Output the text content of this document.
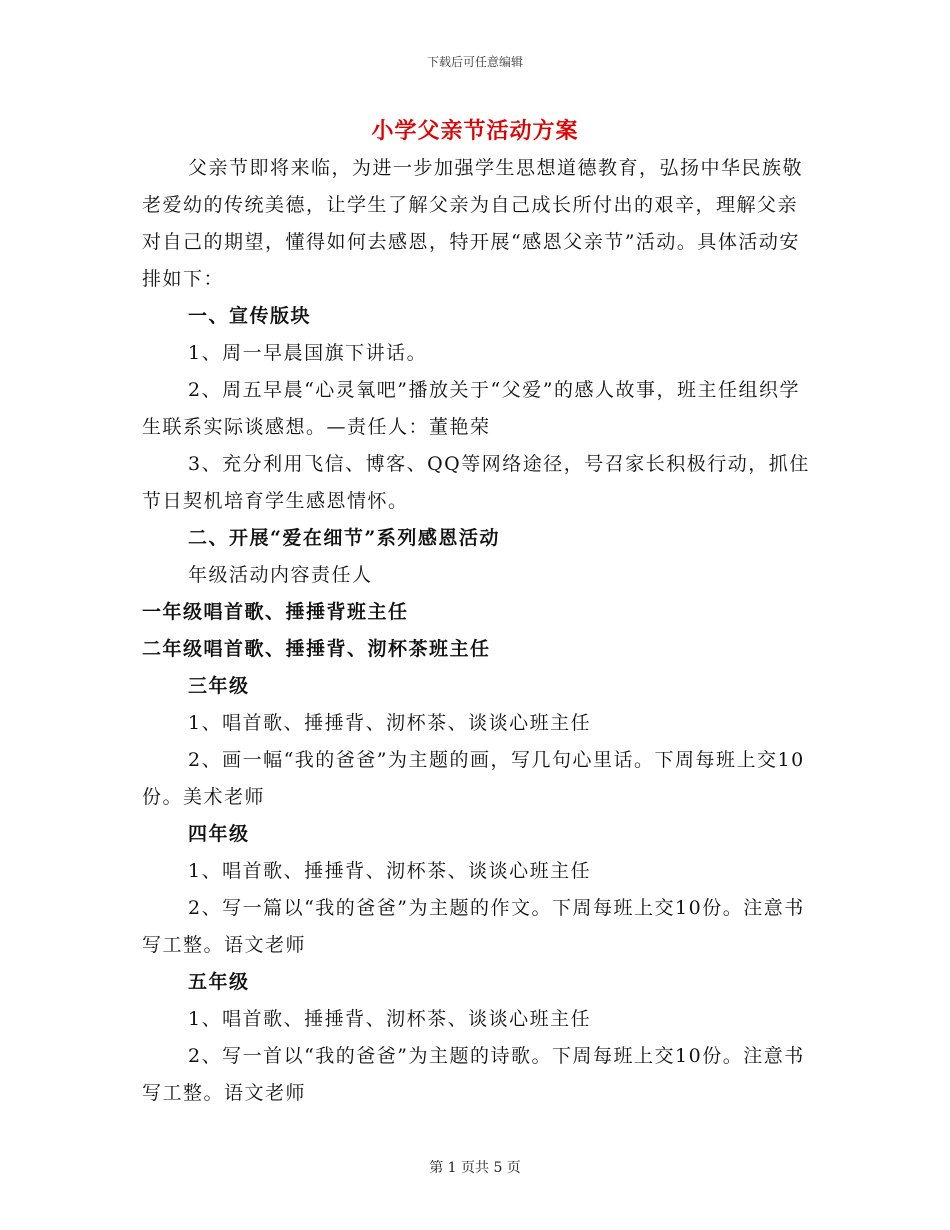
下载后可任意编辑
小学父亲节活动方案

父亲节即将来临，为进一步加强学生思想道德教育，弘扬中华民族敬老爱幼的传统美德，让学生了解父亲为自己成长所付出的艰辛，理解父亲对自己的期望，懂得如何去感恩，特开展“感恩父亲节”活动。具体活动安排如下：

一、宣传版块

1、周一早晨国旗下讲话。

2、周五早晨“心灵氧吧”播放关于“父爱”的感人故事，班主任组织学生联系实际谈感想。—责任人：董艳荣

3、充分利用飞信、博客、QQ等网络途径，号召家长积极行动，抓住节日契机培育学生感恩情怀。

二、开展“爱在细节”系列感恩活动

年级活动内容责任人

一年级唱首歌、捶捶背班主任

二年级唱首歌、捶捶背、沏杯茶班主任

三年级

1、唱首歌、捶捶背、沏杯茶、谈谈心班主任

2、画一幅“我的爸爸”为主题的画，写几句心里话。下周每班上交10份。美术老师

四年级

1、唱首歌、捶捶背、沏杯茶、谈谈心班主任

2、写一篇以“我的爸爸”为主题的作文。下周每班上交10份。注意书写工整。语文老师

五年级

1、唱首歌、捶捶背、沏杯茶、谈谈心班主任

2、写一首以“我的爸爸”为主题的诗歌。下周每班上交10份。注意书写工整。语文老师

第 1 页共 5 页
